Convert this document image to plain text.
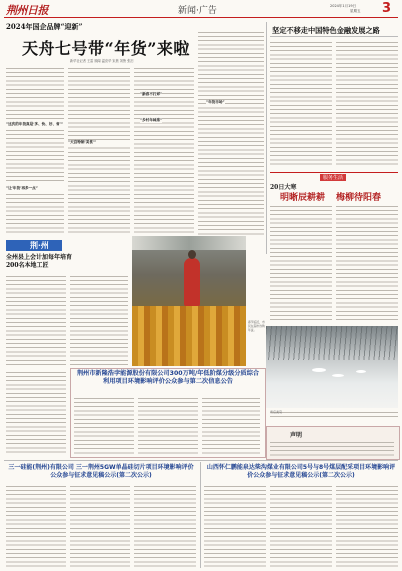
荆州日报	新闻·广告	2024年1月19日
星期五 3
2024年国企品牌“迎新”
天舟七号带“年货”来啦
新华社记者 王雷 顾闻 温竞华 宋晨 刘鲁 张汨
“这次的年货真是‘多、快、好、省’”
“让‘年货’再多一点”
“天宫特制‘美食’”
“新春不打烊”
“乡村年味浓”
“年货市场”
春节临近，市民在超市选购年货。
荆·州
全州县上会计加每年培育200名本地工匠
坚定不移走中国特色金融发展之路
服务生活
20日大寒
明晰辰耕耕 梅柳待阳春
雪后美景
声明
荆州市新隆浩孛能源股份有限公司300万吨/年低阶煤分级分质综合利用项目环境影响评价公众参与第二次信息公告
三一硅能(荆州)有限公司 三一荆州5GW单晶硅切片项目环境影响评价公众参与征求意见稿公示(第二次公示)
山西怀仁鹏能泉达柴沟煤业有限公司5号与8号煤层配采项目环境影响评价公众参与征求意见稿公示(第二次公示)
